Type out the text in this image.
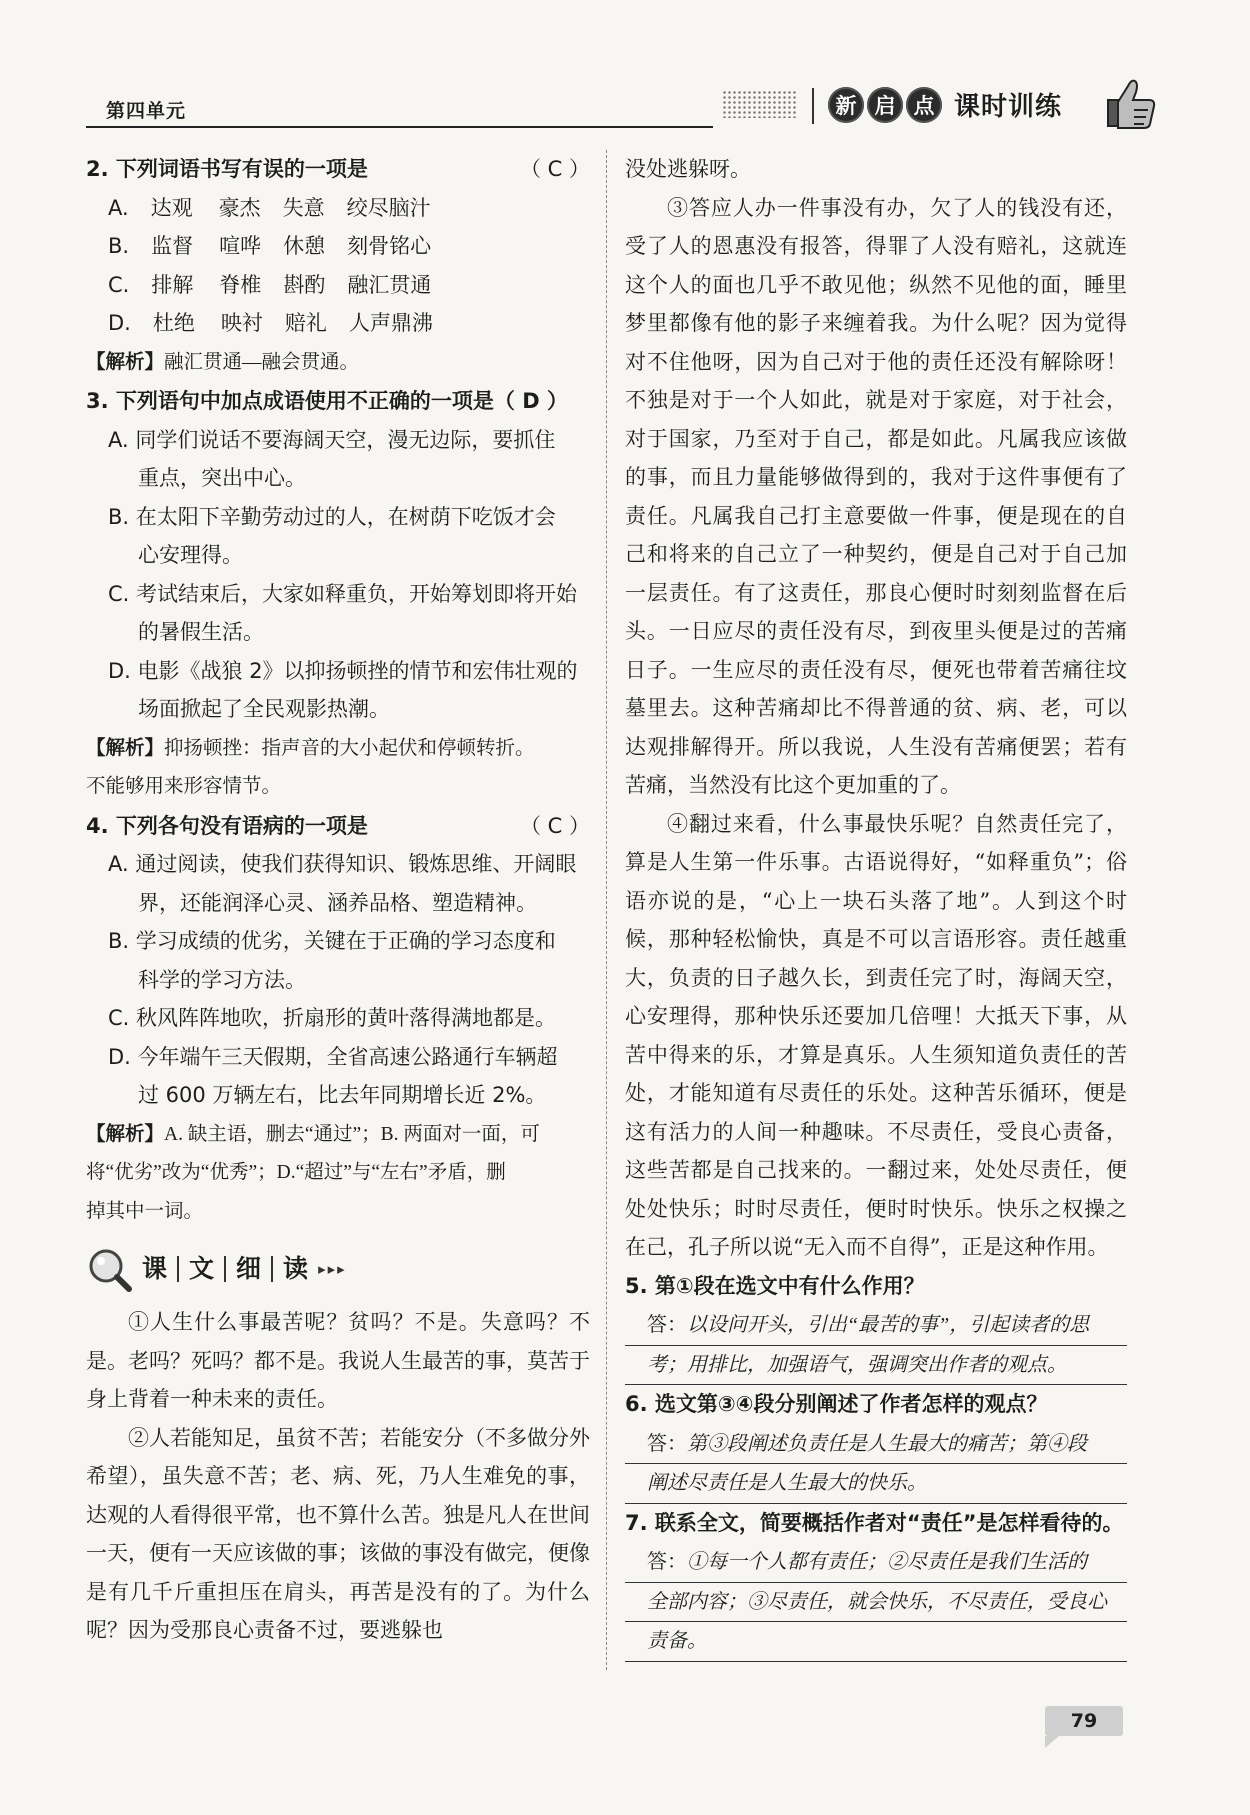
第四单元	新 启 点 课时训练
2. 下列词语书写有误的一项是	（ C ）
A. 达观 豪杰 失意 绞尽脑汁
B. 监督 喧哗 休憩 刻骨铭心
C. 排解 脊椎 斟酌 融汇贯通
D. 杜绝 映衬 赔礼 人声鼎沸
【解析】融汇贯通—融会贯通。
3. 下列语句中加点成语使用不正确的一项是（ D ）
A. 同学们说话不要海阔天空，漫无边际，要抓住
重点，突出中心。
B. 在太阳下辛勤劳动过的人，在树荫下吃饭才会
心安理得。
C. 考试结束后，大家如释重负，开始筹划即将开始
的暑假生活。
D. 电影《战狼 2》以抑扬顿挫的情节和宏伟壮观的
场面掀起了全民观影热潮。
【解析】抑扬顿挫：指声音的大小起伏和停顿转折。
不能够用来形容情节。
4. 下列各句没有语病的一项是	（ C ）
A. 通过阅读，使我们获得知识、锻炼思维、开阔眼
界，还能润泽心灵、涵养品格、塑造精神。
B. 学习成绩的优劣，关键在于正确的学习态度和
科学的学习方法。
C. 秋风阵阵地吹，折扇形的黄叶落得满地都是。
D. 今年端午三天假期，全省高速公路通行车辆超
过 600 万辆左右，比去年同期增长近 2%。
【解析】A. 缺主语，删去“通过”；B. 两面对一面，可
将“优劣”改为“优秀”；D.“超过”与“左右”矛盾，删
掉其中一词。
课 文 细 读 ▸▸▸

①人生什么事最苦呢？贫吗？不是。失意吗？不是。老吗？死吗？都不是。我说人生最苦的事，莫苦于身上背着一种未来的责任。

②人若能知足，虽贫不苦；若能安分（不多做分外希望），虽失意不苦；老、病、死，乃人生难免的事，达观的人看得很平常，也不算什么苦。独是凡人在世间一天，便有一天应该做的事；该做的事没有做完，便像是有几千斤重担压在肩头，再苦是没有的了。为什么呢？因为受那良心责备不过，要逃躲也

没处逃躲呀。

③答应人办一件事没有办，欠了人的钱没有还，受了人的恩惠没有报答，得罪了人没有赔礼，这就连这个人的面也几乎不敢见他；纵然不见他的面，睡里梦里都像有他的影子来缠着我。为什么呢？因为觉得对不住他呀，因为自己对于他的责任还没有解除呀！不独是对于一个人如此，就是对于家庭，对于社会，对于国家，乃至对于自己，都是如此。凡属我应该做的事，而且力量能够做得到的，我对于这件事便有了责任。凡属我自己打主意要做一件事，便是现在的自己和将来的自己立了一种契约，便是自己对于自己加一层责任。有了这责任，那良心便时时刻刻监督在后头。一日应尽的责任没有尽，到夜里头便是过的苦痛日子。一生应尽的责任没有尽，便死也带着苦痛往坟墓里去。这种苦痛却比不得普通的贫、病、老，可以达观排解得开。所以我说，人生没有苦痛便罢；若有苦痛，当然没有比这个更加重的了。

④翻过来看，什么事最快乐呢？自然责任完了，算是人生第一件乐事。古语说得好，“如释重负”；俗语亦说的是，“心上一块石头落了地”。人到这个时候，那种轻松愉快，真是不可以言语形容。责任越重大，负责的日子越久长，到责任完了时，海阔天空，心安理得，那种快乐还要加几倍哩！大抵天下事，从苦中得来的乐，才算是真乐。人生须知道负责任的苦处，才能知道有尽责任的乐处。这种苦乐循环，便是这有活力的人间一种趣味。不尽责任，受良心责备，这些苦都是自己找来的。一翻过来，处处尽责任，便处处快乐；时时尽责任，便时时快乐。快乐之权操之在己，孔子所以说“无入而不自得”，正是这种作用。

5. 第①段在选文中有什么作用？
答：以设问开头，引出“最苦的事”，引起读者的思
考；用排比，加强语气，强调突出作者的观点。
6. 选文第③④段分别阐述了作者怎样的观点？
答：第③段阐述负责任是人生最大的痛苦；第④段
阐述尽责任是人生最大的快乐。
7. 联系全文，简要概括作者对“责任”是怎样看待的。
答：①每一个人都有责任；②尽责任是我们生活的
全部内容；③尽责任，就会快乐，不尽责任，受良心
责备。
79
